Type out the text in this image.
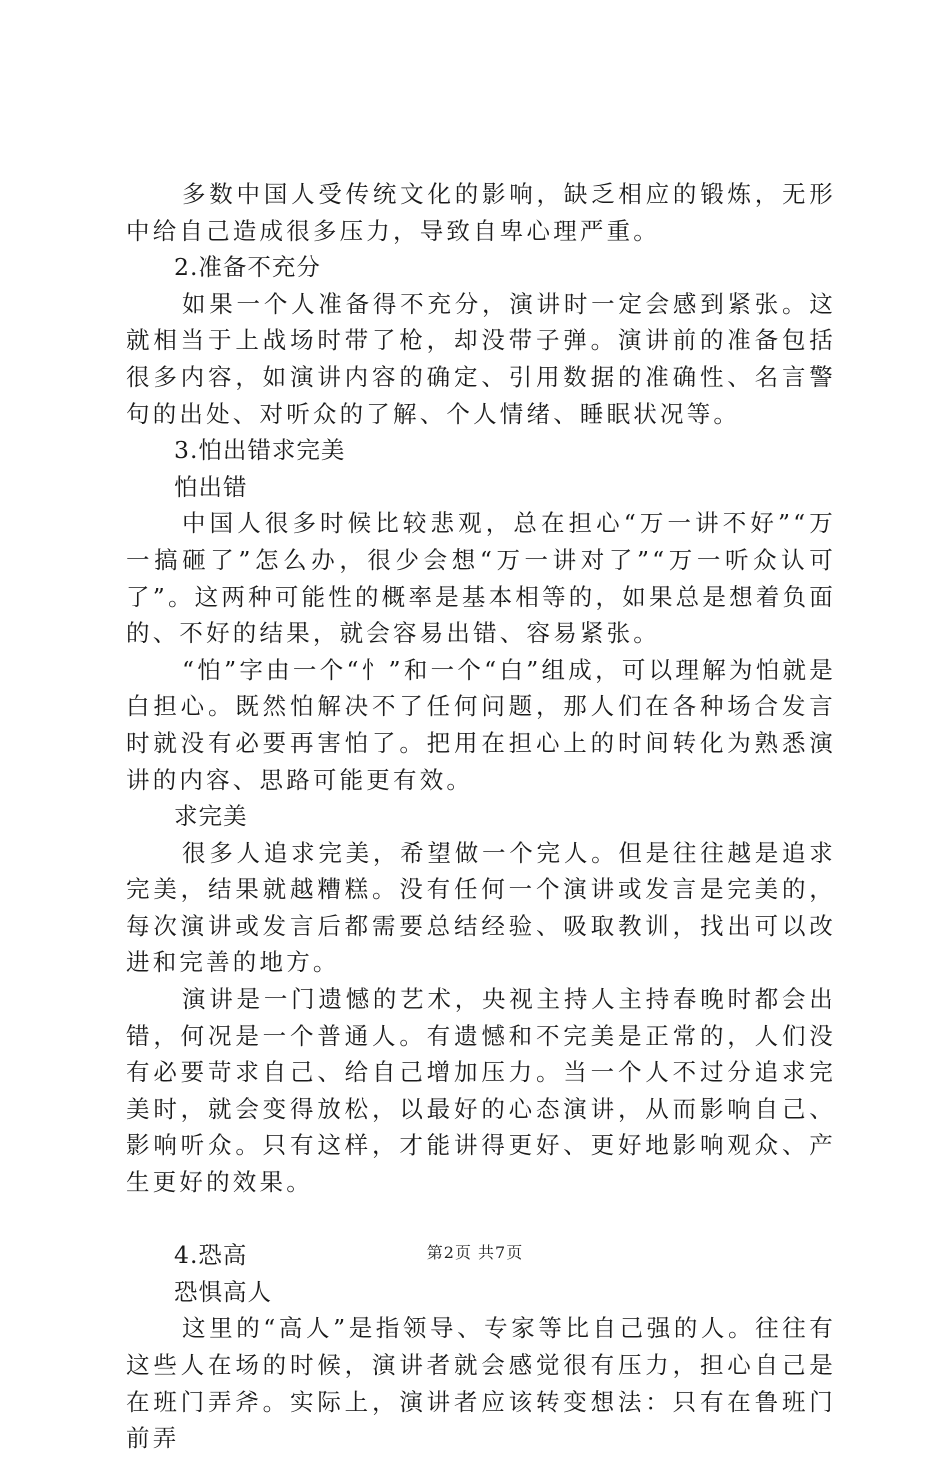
多数中国人受传统文化的影响，缺乏相应的锻炼，无形中给自己造成很多压力，导致自卑心理严重。

2.准备不充分

如果一个人准备得不充分，演讲时一定会感到紧张。这就相当于上战场时带了枪，却没带子弹。演讲前的准备包括很多内容，如演讲内容的确定、引用数据的准确性、名言警句的出处、对听众的了解、个人情绪、睡眠状况等。

3.怕出错求完美

怕出错

中国人很多时候比较悲观，总在担心“万一讲不好”“万一搞砸了”怎么办，很少会想“万一讲对了”“万一听众认可了”。这两种可能性的概率是基本相等的，如果总是想着负面的、不好的结果，就会容易出错、容易紧张。

“怕”字由一个“忄”和一个“白”组成，可以理解为怕就是白担心。既然怕解决不了任何问题，那人们在各种场合发言时就没有必要再害怕了。把用在担心上的时间转化为熟悉演讲的内容、思路可能更有效。

求完美

很多人追求完美，希望做一个完人。但是往往越是追求完美，结果就越糟糕。没有任何一个演讲或发言是完美的，每次演讲或发言后都需要总结经验、吸取教训，找出可以改进和完善的地方。

演讲是一门遗憾的艺术，央视主持人主持春晚时都会出错，何况是一个普通人。有遗憾和不完美是正常的，人们没有必要苛求自己、给自己增加压力。当一个人不过分追求完美时，就会变得放松，以最好的心态演讲，从而影响自己、影响听众。只有这样，才能讲得更好、更好地影响观众、产生更好的效果。

4.恐高

恐惧高人

这里的“高人”是指领导、专家等比自己强的人。往往有这些人在场的时候，演讲者就会感觉很有压力，担心自己是在班门弄斧。实际上，演讲者应该转变想法：只有在鲁班门前弄

第2页 共7页
